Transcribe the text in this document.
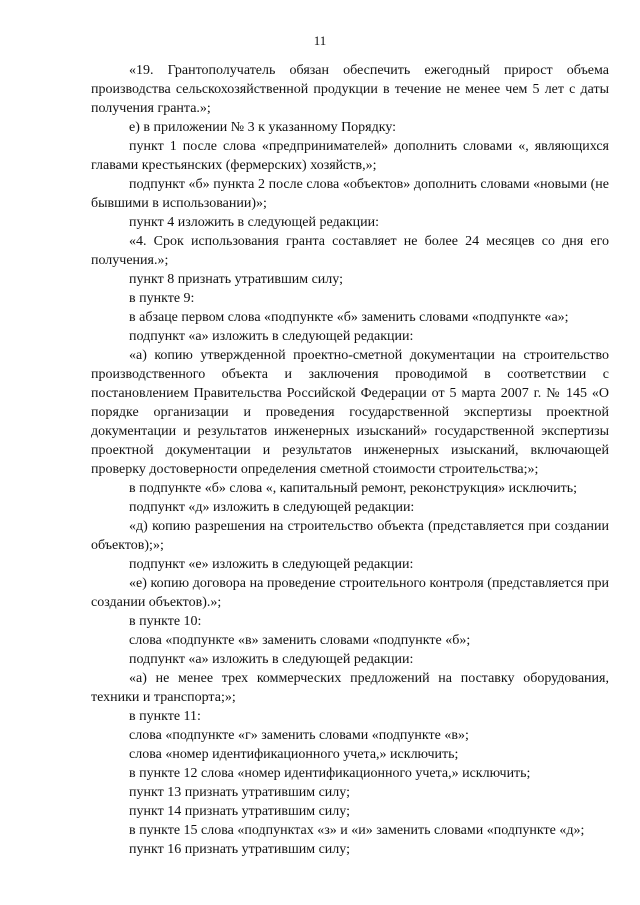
11

«19. Грантополучатель обязан обеспечить ежегодный прирост объема производства сельскохозяйственной продукции в течение не менее чем 5 лет с даты получения гранта.»;

е) в приложении № 3 к указанному Порядку:

пункт 1 после слова «предпринимателей» дополнить словами «, являющихся главами крестьянских (фермерских) хозяйств,»;

подпункт «б» пункта 2 после слова «объектов» дополнить словами «новыми (не бывшими в использовании)»;

пункт 4 изложить в следующей редакции:

«4. Срок использования гранта составляет не более 24 месяцев со дня его получения.»;

пункт 8 признать утратившим силу;

в пункте 9:

в абзаце первом слова «подпункте «б» заменить словами «подпункте «а»;

подпункт «а» изложить в следующей редакции:

«а) копию утвержденной проектно-сметной документации на строительство производственного объекта и заключения проводимой в соответствии с постановлением Правительства Российской Федерации от 5 марта 2007 г. № 145 «О порядке организации и проведения государственной экспертизы проектной документации и результатов инженерных изысканий» государственной экспертизы проектной документации и результатов инженерных изысканий, включающей проверку достоверности определения сметной стоимости строительства;»;

в подпункте «б» слова «, капитальный ремонт, реконструкция» исключить;

подпункт «д» изложить в следующей редакции:

«д) копию разрешения на строительство объекта (представляется при создании объектов);»;

подпункт «е» изложить в следующей редакции:

«е) копию договора на проведение строительного контроля (представляется при создании объектов).»;

в пункте 10:

слова «подпункте «в» заменить словами «подпункте «б»;

подпункт «а» изложить в следующей редакции:

«а) не менее трех коммерческих предложений на поставку оборудования, техники и транспорта;»;

в пункте 11:

слова «подпункте «г» заменить словами «подпункте «в»;

слова «номер идентификационного учета,» исключить;

в пункте 12 слова «номер идентификационного учета,» исключить;

пункт 13 признать утратившим силу;

пункт 14 признать утратившим силу;

в пункте 15 слова «подпунктах «з» и «и» заменить словами «подпункте «д»;

пункт 16 признать утратившим силу;
